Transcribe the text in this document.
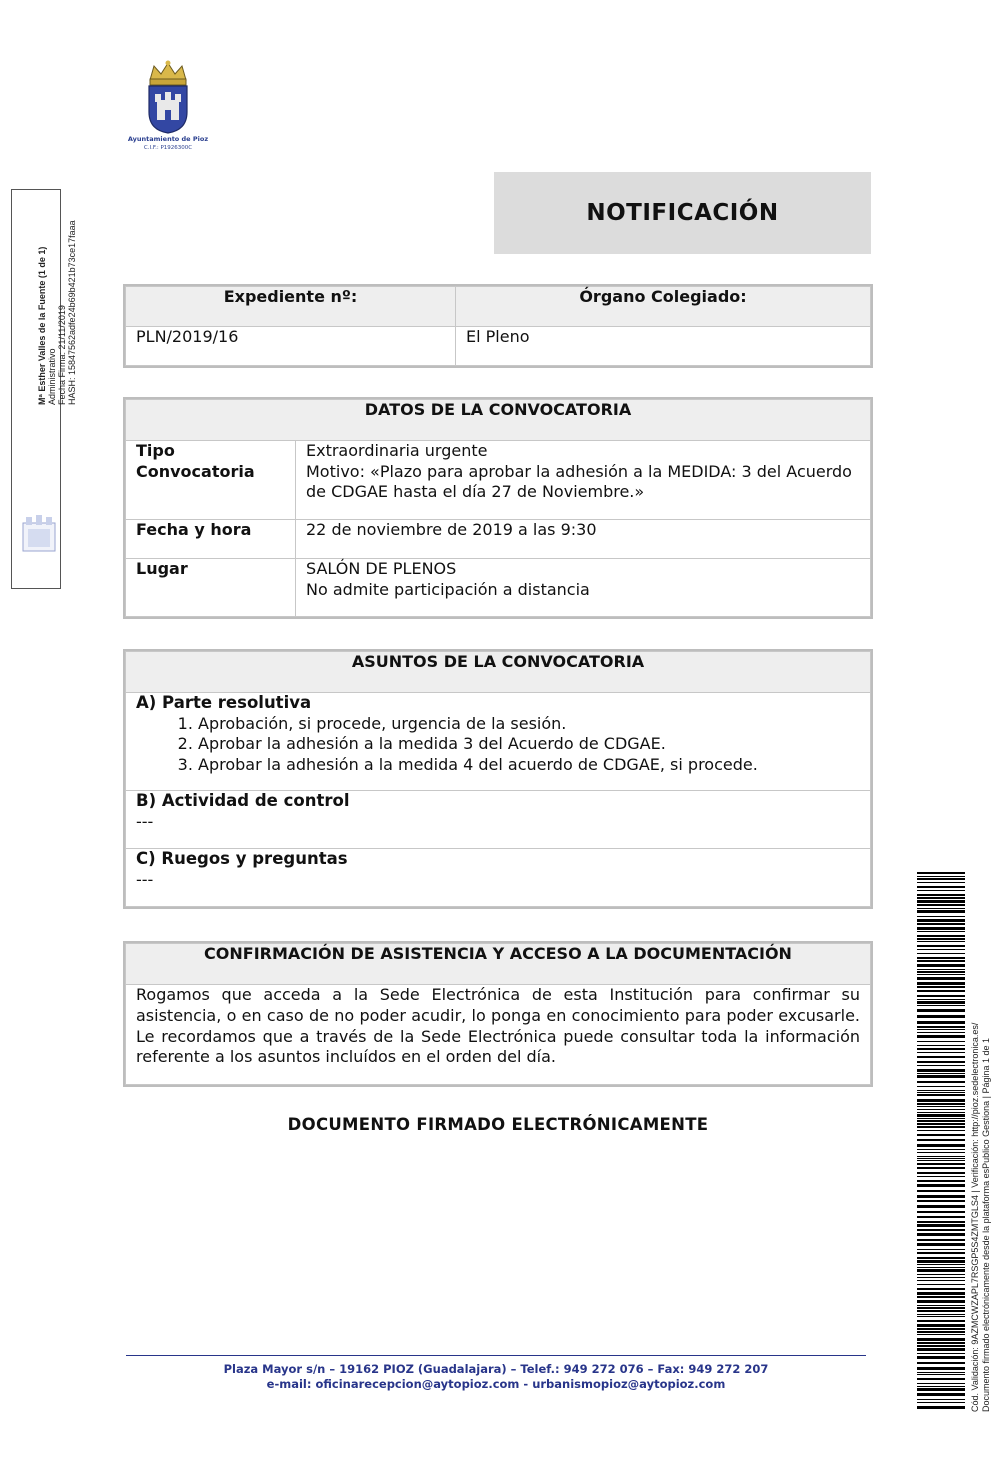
Ayuntamiento de Pioz
C.I.F.: P1926300C
Mª Esther Valles de la Fuente (1 de 1) Administrativo Fecha Firma: 21/11/2019 HASH: 15847562adfe24b69b421b73ce17faaa
NOTIFICACIÓN
Expediente nº:	Órgano Colegiado:
PLN/2019/16	El Pleno
DATOS DE LA CONVOCATORIA	
Tipo Convocatoria	Extraordinaria urgente
Motivo: «Plazo para aprobar la adhesión a la MEDIDA: 3 del Acuerdo de CDGAE hasta el día 27 de Noviembre.»

Fecha y hora	22 de noviembre de 2019 a las 9:30
Lugar	SALÓN DE PLENOS
No admite participación a distancia
ASUNTOS DE LA CONVOCATORIA

A) Parte resolutiva
1. Aprobación, si procede, urgencia de la sesión.
2. Aprobar la adhesión a la medida 3 del Acuerdo de CDGAE.
3. Aprobar la adhesión a la medida 4 del acuerdo de CDGAE, si procede.

B) Actividad de control
---

C) Ruegos y preguntas
---
CONFIRMACIÓN DE ASISTENCIA Y ACCESO A LA DOCUMENTACIÓN
Rogamos que acceda a la Sede Electrónica de esta Institución para confirmar su asistencia, o en caso de no poder acudir, lo ponga en conocimiento para poder excusarle. Le recordamos que a través de la Sede Electrónica puede consultar toda la información referente a los asuntos incluídos en el orden del día.
DOCUMENTO FIRMADO ELECTRÓNICAMENTE
Plaza Mayor s/n – 19162 PIOZ (Guadalajara) – Telef.: 949 272 076 – Fax: 949 272 207
e-mail: oficinarecepcion@aytopioz.com - urbanismopioz@aytopioz.com	Cód. Validación: 9AZMCWZAPL7RSGP5S4ZMTGLS4 | Verificación: http://pioz.sedelectronica.es/ Documento firmado electrónicamente desde la plataforma esPublico Gestiona | Página 1 de 1
